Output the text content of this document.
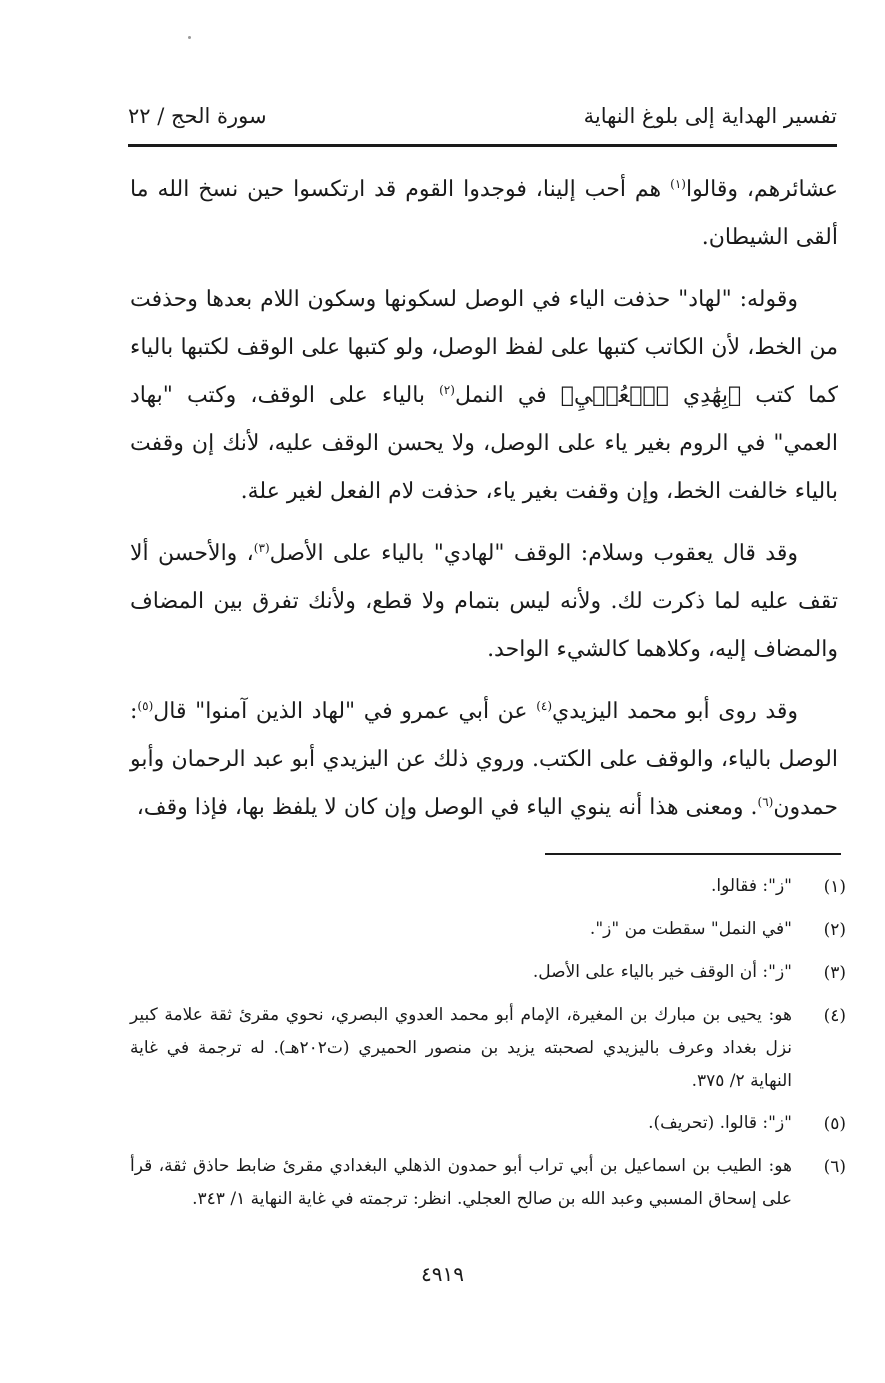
تفسير الهداية إلى بلوغ النهاية
سورة الحج / ٢٢

عشائرهم، وقالوا$^{(١)}$ هم أحب إلينا، فوجدوا القوم قد ارتكسوا حين نسخ الله ما ألقى الشيطان.

وقوله: "لهاد" حذفت الياء في الوصل لسكونها وسكون اللام بعدها وحذفت من الخط، لأن الكاتب كتبها على لفظ الوصل، ولو كتبها على الوقف لكتبها بالياء كما كتب ﴿بِهَٰدِي ٱلۡعُمۡيِ﴾ في النمل$^{(٢)}$ بالياء على الوقف، وكتب "بهاد العمي" في الروم بغير ياء على الوصل، ولا يحسن الوقف عليه، لأنك إن وقفت بالياء خالفت الخط، وإن وقفت بغير ياء، حذفت لام الفعل لغير علة.

وقد قال يعقوب وسلام: الوقف "لهادي" بالياء على الأصل$^{(٣)}$، والأحسن ألا تقف عليه لما ذكرت لك. ولأنه ليس بتمام ولا قطع، ولأنك تفرق بين المضاف والمضاف إليه، وكلاهما كالشيء الواحد.

وقد روى أبو محمد اليزيدي$^{(٤)}$ عن أبي عمرو في "لهاد الذين آمنوا" قال$^{(٥)}$: الوصل بالياء، والوقف على الكتب. وروي ذلك عن اليزيدي أبو عبد الرحمان وأبو حمدون$^{(٦)}$. ومعنى هذا أنه ينوي الياء في الوصل وإن كان لا يلفظ بها، فإذا وقف،

(١)
"ز": فقالوا.
(٢)
"في النمل" سقطت من "ز".
(٣)
"ز": أن الوقف خير بالياء على الأصل.
(٤)
هو: يحيى بن مبارك بن المغيرة، الإمام أبو محمد العدوي البصري، نحوي مقرئ ثقة علامة كبير نزل بغداد وعرف باليزيدي لصحبته يزيد بن منصور الحميري (ت٢٠٢هـ). له ترجمة في غاية النهاية ٢/ ٣٧٥.
(٥)
"ز": قالوا. (تحريف).
(٦)
هو: الطيب بن اسماعيل بن أبي تراب أبو حمدون الذهلي البغدادي مقرئ ضابط حاذق ثقة، قرأ على إسحاق المسبي وعبد الله بن صالح العجلي. انظر: ترجمته في غاية النهاية ١/ ٣٤٣.
٤٩١٩
